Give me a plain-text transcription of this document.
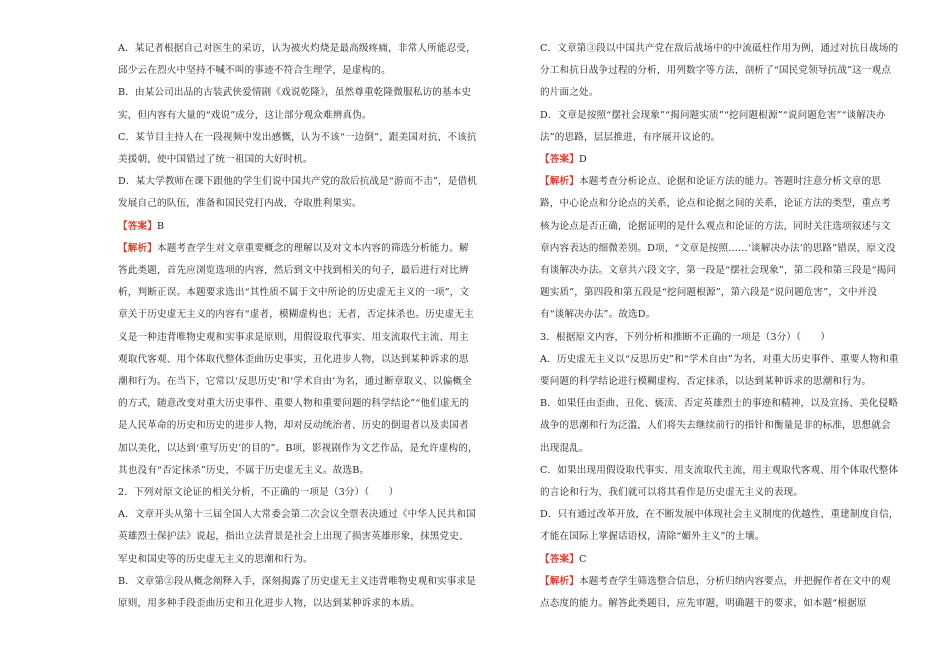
A．某记者根据自己对医生的采访，认为被火灼烧是最高级疼痛，非常人所能忍受，邱少云在烈火中坚持不喊不叫的事迹不符合生理学，是虚构的。

B．由某公司出品的古装武侠爱情剧《戏说乾隆》，虽然尊重乾隆微服私访的基本史实，但内容有大量的“戏说”成分，这让部分观众难辨真伪。

C．某节目主持人在一段视频中发出感慨，认为不该“一边倒”，跟美国对抗，不该抗美援朝，使中国错过了统一祖国的大好时机。

D．某大学教师在课下跟他的学生们说中国共产党的敌后抗战是“游而不击”，是借机发展自己的队伍，准备和国民党打内战，夺取胜利果实。

【答案】B

【解析】本题考查学生对文章重要概念的理解以及对文本内容的筛选分析能力。解答此类题，首先应浏览选项的内容，然后到文中找到相关的句子，最后进行对比辨析，判断正误。本题要求选出“其性质不属于文中所论的历史虚无主义的一项”，文章关于历史虚无主义的内容有“虚者，模糊虚构也；无者，否定抹杀也。历史虚无主义是一种违背唯物史观和实事求是原则，用假设取代事实、用支流取代主流、用主观取代客观、用个体取代整体歪曲历史事实，丑化进步人物，以达到某种诉求的思潮和行为。在当下，它常以‘反思历史’和‘学术自由’为名，通过断章取义、以偏概全的方式，随意改变对重大历史事件、重要人物和重要问题的科学结论”“他们虚无的是人民革命的历史和历史的进步人物，却对反动统治者、历史的倒退者以及卖国者加以美化，以达到‘重写历史’的目的”。B项，影视剧作为文艺作品，是允许虚构的，其也没有“否定抹杀”历史，不属于历史虚无主义。故选B。

2．下列对原文论证的相关分析，不正确的一项是（3分）（　　）

A．文章开头从第十三届全国人大常委会第二次会议全票表决通过《中华人民共和国英雄烈士保护法》说起，指出立法背景是社会上出现了损害英雄形象，抹黑党史、军史和国史等的历史虚无主义的思潮和行为。

B．文章第②段从概念阐释入手，深刻揭露了历史虚无主义违背唯物史观和实事求是原则，用多种手段歪曲历史和丑化进步人物，以达到某种诉求的本质。

C．文章第③段以中国共产党在敌后战场中的中流砥柱作用为例，通过对抗日战场的分工和抗日战争过程的分析，用列数字等方法，剖析了“国民党领导抗战”这一观点的片面之处。

D．文章是按照“摆社会现象”“揭问题实质”“挖问题根源”“说问题危害”“谈解决办法”的思路，层层推进，有序展开议论的。

【答案】D

【解析】本题考查分析论点、论据和论证方法的能力。答题时注意分析文章的思路，中心论点和分论点的关系，论点和论据之间的关系，论证方法的类型，重点考核为论点是否正确，论据证明的是什么观点和论证的方法，同时关注选项叙述与文章内容表达的细微差别。D项，“文章是按照……‘谈解决办法’的思路”错误，原文没有谈解决办法。文章共六段文字，第一段是“摆社会现象”，第二段和第三段是“揭问题实质”，第四段和第五段是“挖问题根源”，第六段是“说问题危害”，文中并没有“谈解决办法”。故选D。

3．根据原文内容，下列分析和推断不正确的一项是（3分）（　　）

A．历史虚无主义以“反思历史”和“学术自由”为名，对重大历史事件、重要人物和重要问题的科学结论进行模糊虚构、否定抹杀，以达到某种诉求的思潮和行为。

B．如果任由歪曲、丑化、亵渎、否定英雄烈士的事迹和精神，以及宣扬、美化侵略战争的思潮和行为泛滥，人们将失去继续前行的指针和衡量是非的标准，思想就会出现混乱。

C．如果出现用假设取代事实、用支流取代主流，用主观取代客观、用个体取代整体的言论和行为，我们就可以将其看作是历史虚无主义的表现。

D．只有通过改革开放，在不断发展中体现社会主义制度的优越性，重建制度自信，才能在国际上掌握话语权，清除“媚外主义”的土壤。

【答案】C

【解析】本题考查学生筛选整合信息，分析归纳内容要点，并把握作者在文中的观点态度的能力。解答此类题目，应先审题，明确题干的要求，如本题“根据原
